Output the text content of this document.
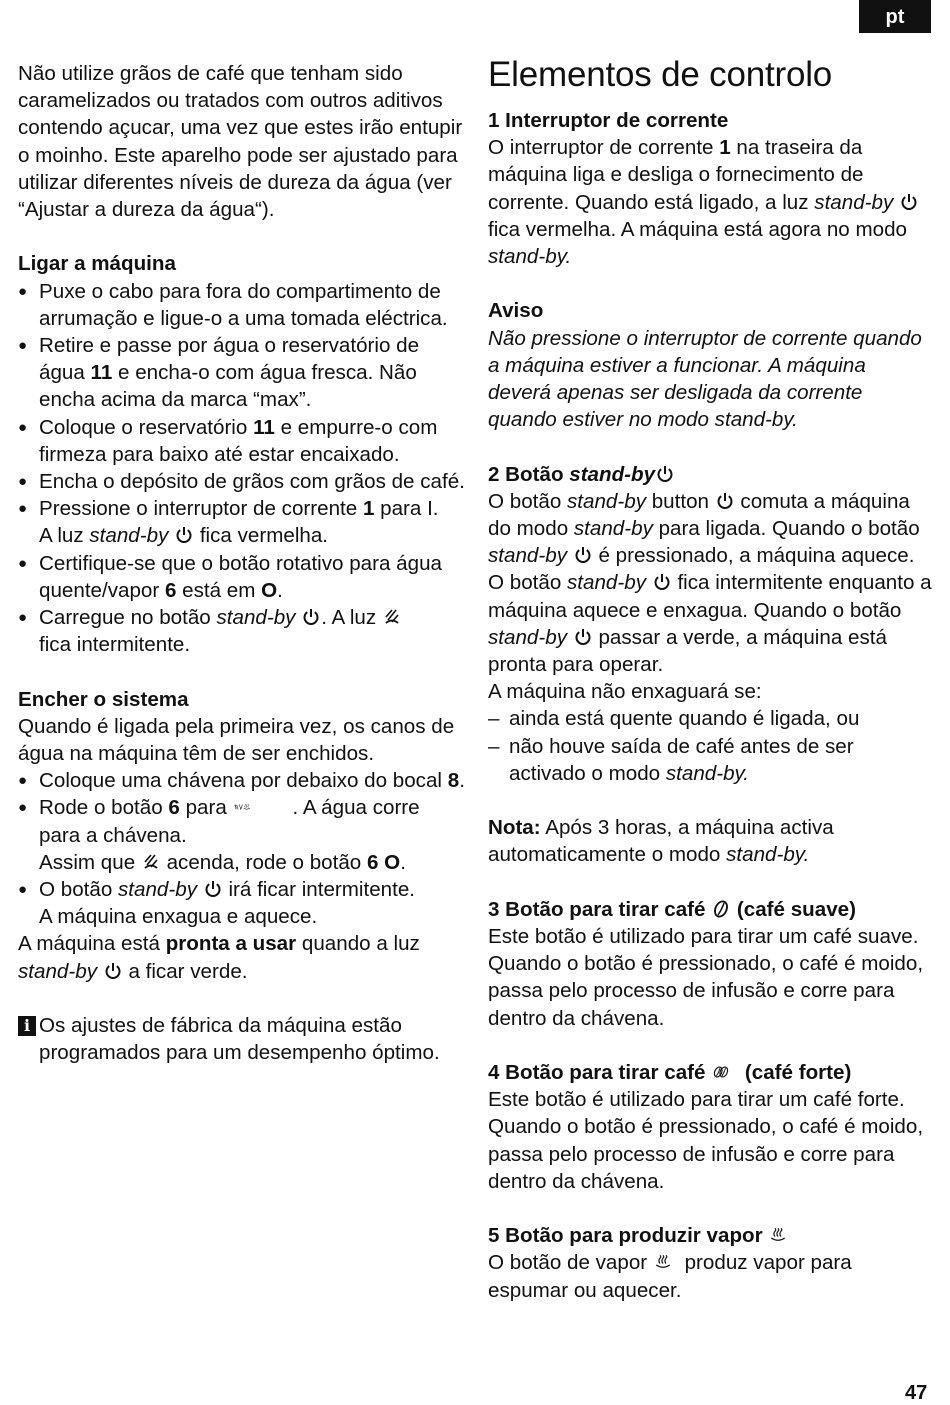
pt

Não utilize grãos de café que tenham sido caramelizados ou tratados com outros aditivos contendo açucar, uma vez que estes irão entupir o moinho. Este aparelho pode ser ajustado para utilizar diferentes níveis de dureza da água (ver “Ajustar a dureza da água“).

Ligar a máquina
● Puxe o cabo para fora do compartimento de arrumação e ligue-o a uma tomada eléctrica.
● Retire e passe por água o reservatório de água 11 e encha-o com água fresca. Não encha acima da marca “max”.
● Coloque o reservatório 11 e empurre-o com firmeza para baixo até estar encaixado.
● Encha o depósito de grãos com grãos de café.
● Pressione o interruptor de corrente 1 para I.
A luz stand-by
fica vermelha.
● Certifique-se que o botão rotativo para água quente/vapor 6 está em O.
● Carregue no botão stand-by . A luz

fica intermitente.
Encher o sistema

Quando é ligada pela primeira vez, os canos de água na máquina têm de ser enchidos.

● Coloque uma chávena por debaixo do bocal 8.
● Rode o botão 6 para	. A água corre para a chávena.
Assim que
acenda, rode o botão 6 O.
● O botão stand-by
irá ficar intermitente.
A máquina enxagua e aquece.

A máquina está pronta a usar quando a luz
stand-by
a ficar verde.

i Os ajustes de fábrica da máquina estão programados para um desempenho óptimo.
Elementos de controlo
1 Interruptor de corrente

O interruptor de corrente 1 na traseira da máquina liga e desliga o fornecimento de corrente. Quando está ligado, a luz stand-by
fica vermelha. A máquina está agora no modo stand-by.

Aviso

Não pressione o interruptor de corrente quando a máquina estiver a funcionar. A máquina deverá apenas ser desligada da corrente quando estiver no modo stand-by.

2 Botão stand-by

O botão stand-by button
comuta a máquina do modo stand-by para ligada. Quando o botão stand-by
é pressionado, a máquina aquece. O botão stand-by
fica intermitente enquanto a máquina aquece e enxagua. Quando o botão stand-by
passar a verde, a máquina está pronta para operar.

A máquina não enxaguará se:

– ainda está quente quando é ligada, ou
– não houve saída de café antes de ser activado o modo stand-by.

Nota: Após 3 horas, a máquina activa automaticamente o modo stand-by.

3 Botão para tirar café
(café suave)

Este botão é utilizado para tirar um café suave. Quando o botão é pressionado, o café é moido, passa pelo processo de infusão e corre para dentro da chávena.

4 Botão para tirar café
(café forte)

Este botão é utilizado para tirar um café forte. Quando o botão é pressionado, o café é moido, passa pelo processo de infusão e corre para dentro da chávena.

5 Botão para produzir vapor

O botão de vapor
produz vapor para espumar ou aquecer.

47
